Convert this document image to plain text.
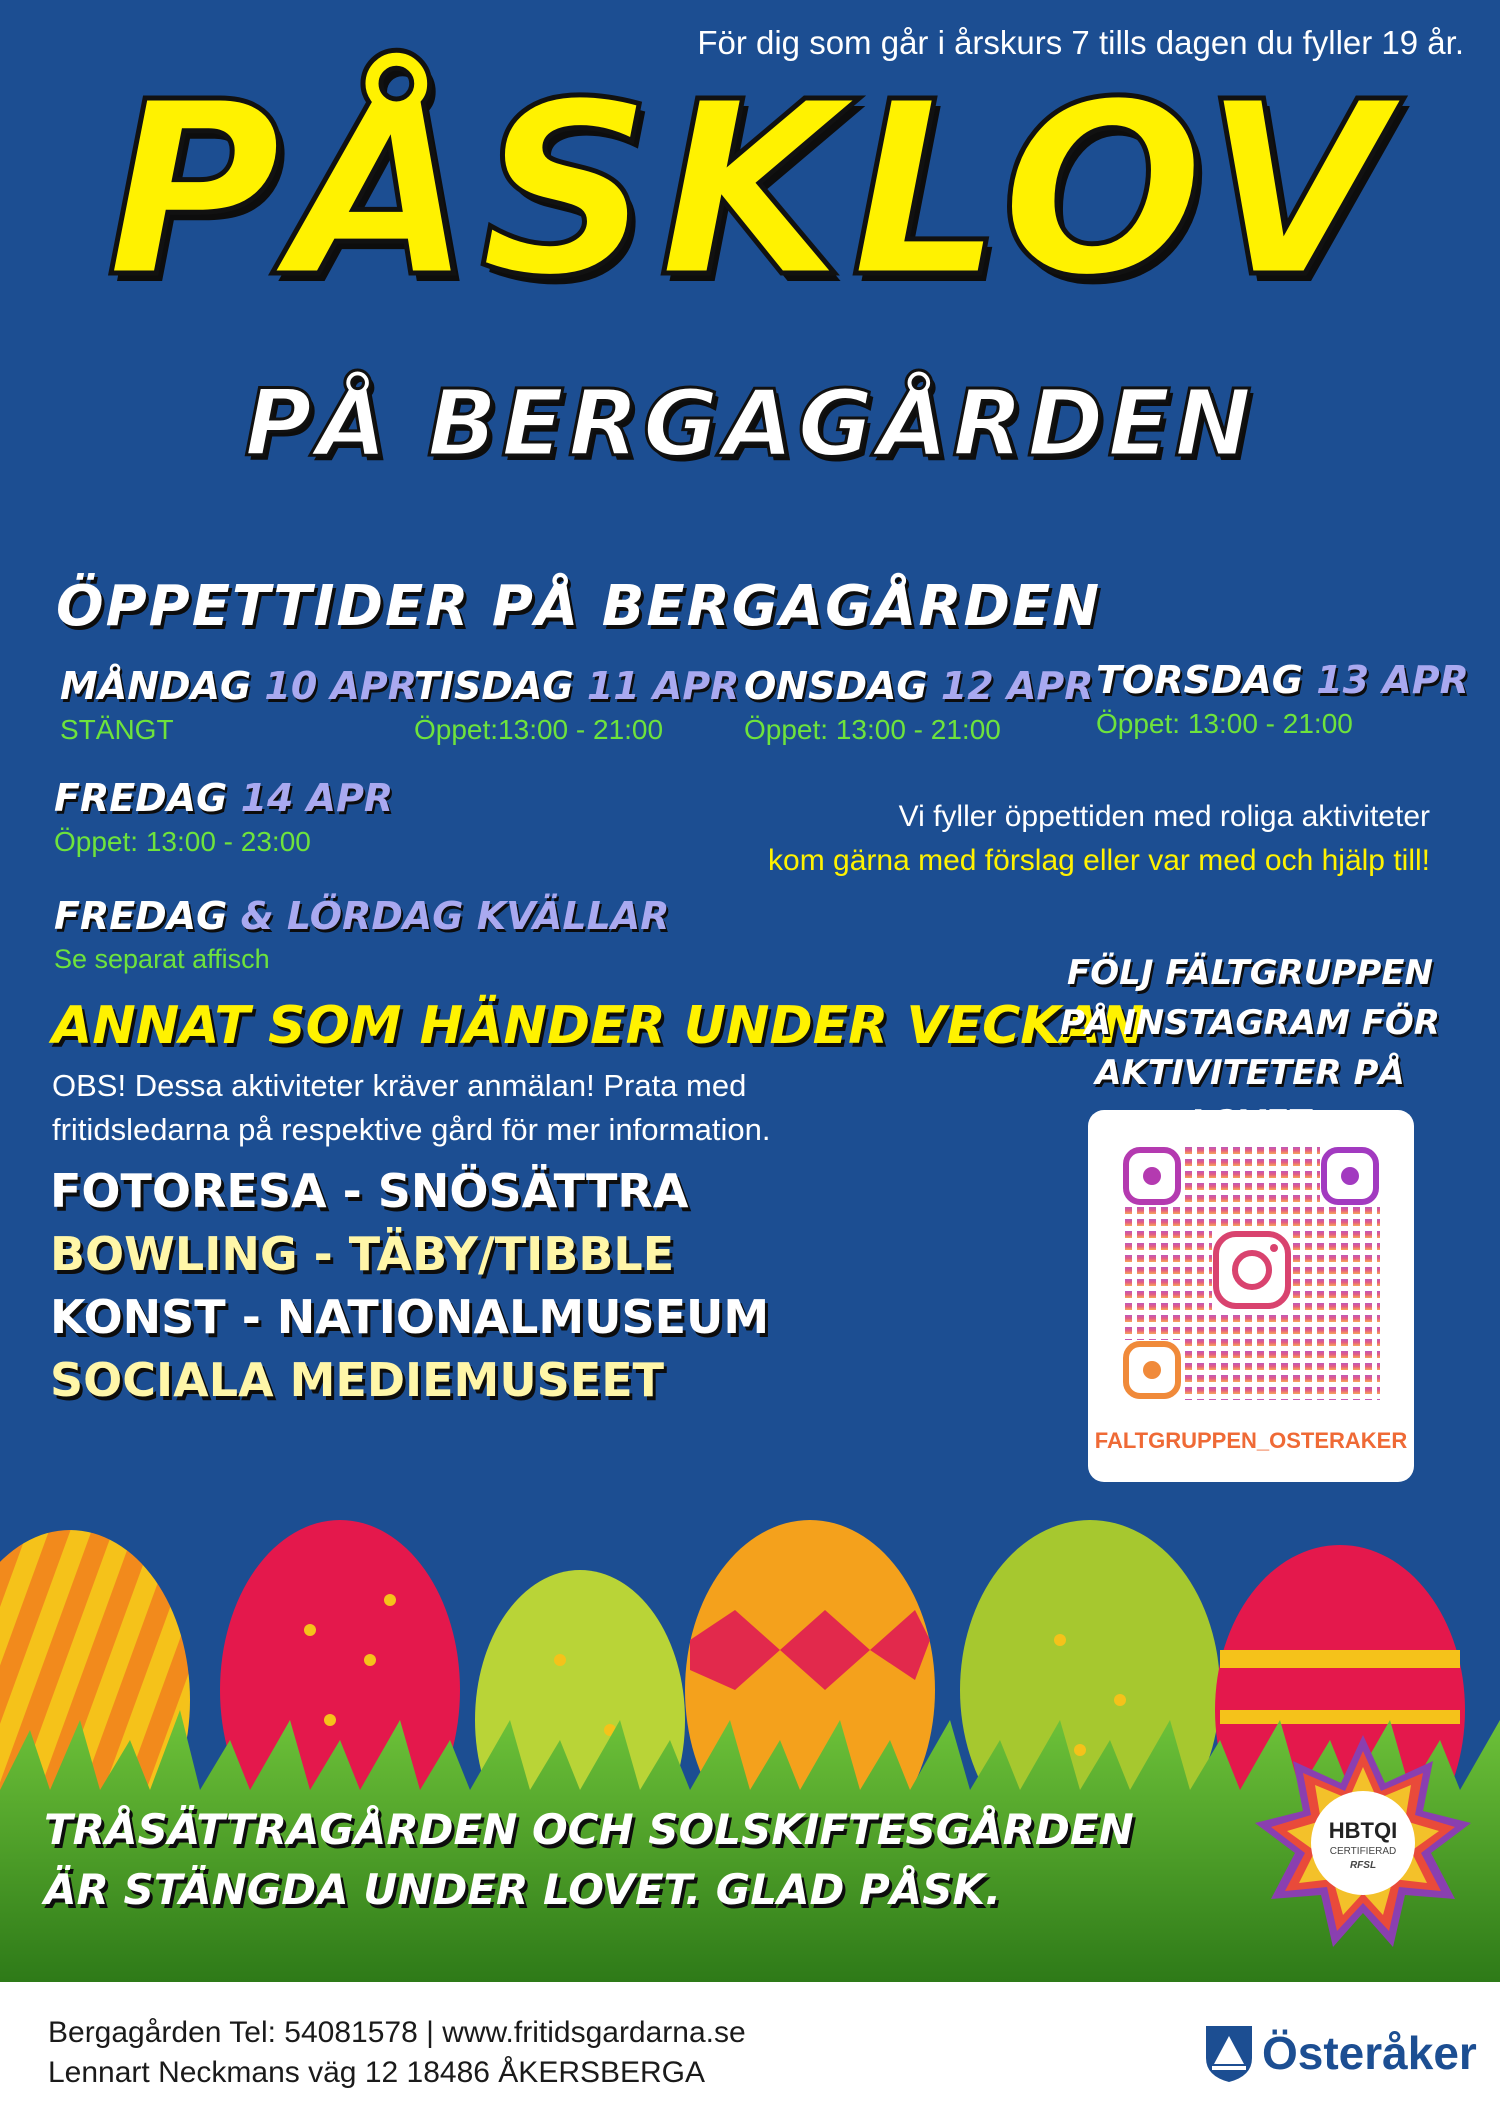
För dig som går i årskurs 7 tills dagen du fyller 19 år.
PÅSKLOV
PÅ BERGAGÅRDEN
ÖPPETTIDER PÅ BERGAGÅRDEN
MÅNDAG 10 APR
STÄNGT
TISDAG 11 APR
Öppet:13:00 - 21:00
ONSDAG 12 APR
Öppet: 13:00 - 21:00
TORSDAG 13 APR
Öppet: 13:00 - 21:00
FREDAG 14 APR
Öppet: 13:00 - 23:00
Vi fyller öppettiden med roliga aktiviteter
kom gärna med förslag eller var med och hjälp till!
FREDAG & LÖRDAG KVÄLLAR
Se separat affisch
ANNAT SOM HÄNDER UNDER VECKAN
OBS! Dessa aktiviteter kräver anmälan! Prata med
fritidsledarna på respektive gård för mer information.
FOTORESA - SNÖSÄTTRA
BOWLING - TÄBY/TIBBLE
KONST - NATIONALMUSEUM
SOCIALA MEDIEMUSEET
FÖLJ FÄLTGRUPPEN
PÅ INSTAGRAM FÖR
AKTIVITETER PÅ
FALTGRUPPEN_OSTERAKER
TRÅSÄTTRAGÅRDEN OCH SOLSKIFTESGÅRDEN
ÄR STÄNGDA UNDER LOVET. GLAD PÅSK.
HBTQI
CERTIFIERAD
RFSL
Bergagården Tel: 54081578 | www.fritidsgardarna.se
Lennart Neckmans väg 12 18486 ÅKERSBERGA	Österåker
